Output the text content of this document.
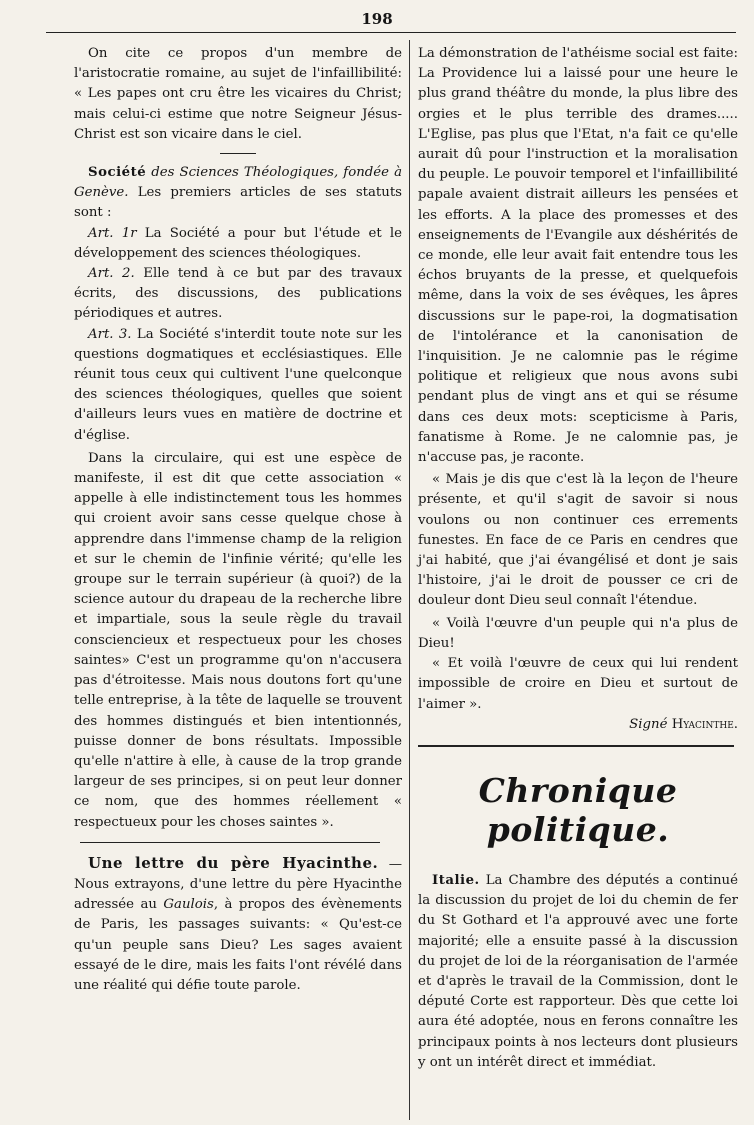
198

On cite ce propos d'un membre de l'aristocratie romaine, au sujet de l'infaillibilité: « Les papes ont cru être les vicaires du Christ; mais celui-ci estime que notre Seigneur Jésus-Christ est son vicaire dans le ciel.

Société des Sciences Théologiques, fondée à Genève. Les premiers articles de ses statuts sont :

Art. 1r La Société a pour but l'étude et le développement des sciences théologiques.

Art. 2. Elle tend à ce but par des travaux écrits, des discussions, des publications périodiques et autres.

Art. 3. La Société s'interdit toute note sur les questions dogmatiques et ecclésiastiques. Elle réunit tous ceux qui cultivent l'une quelconque des sciences théologiques, quelles que soient d'ailleurs leurs vues en matière de doctrine et d'église.

Dans la circulaire, qui est une espèce de manifeste, il est dit que cette association « appelle à elle indistinctement tous les hommes qui croient avoir sans cesse quelque chose à apprendre dans l'immense champ de la religion et sur le chemin de l'infinie vérité; qu'elle les groupe sur le terrain supérieur (à quoi?) de la science autour du drapeau de la recherche libre et impartiale, sous la seule règle du travail consciencieux et respectueux pour les choses saintes» C'est un programme qu'on n'accusera pas d'étroitesse. Mais nous doutons fort qu'une telle entreprise, à la tête de laquelle se trouvent des hommes distingués et bien intentionnés, puisse donner de bons résultats. Impossible qu'elle n'attire à elle, à cause de la trop grande largeur de ses principes, si on peut leur donner ce nom, que des hommes réellement « respectueux pour les choses saintes ».

Une lettre du père Hyacinthe. — Nous extrayons, d'une lettre du père Hyacinthe adressée au Gaulois, à propos des évènements de Paris, les passages suivants: « Qu'est-ce qu'un peuple sans Dieu? Les sages avaient essayé de le dire, mais les faits l'ont révélé dans une réalité qui défie toute parole.

La démonstration de l'athéisme social est faite: La Providence lui a laissé pour une heure le plus grand théâtre du monde, la plus libre des orgies et le plus terrible des drames..... L'Eglise, pas plus que l'Etat, n'a fait ce qu'elle aurait dû pour l'instruction et la moralisation du peuple. Le pouvoir temporel et l'infaillibilité papale avaient distrait ailleurs les pensées et les efforts. A la place des promesses et des enseignements de l'Evangile aux déshérités de ce monde, elle leur avait fait entendre tous les échos bruyants de la presse, et quelquefois même, dans la voix de ses évêques, les âpres discussions sur le pape-roi, la dogmatisation de l'intolérance et la canonisation de l'inquisition. Je ne calomnie pas le régime politique et religieux que nous avons subi pendant plus de vingt ans et qui se résume dans ces deux mots: scepticisme à Paris, fanatisme à Rome. Je ne calomnie pas, je n'accuse pas, je raconte.

« Mais je dis que c'est là la leçon de l'heure présente, et qu'il s'agit de savoir si nous voulons ou non continuer ces errements funestes. En face de ce Paris en cendres que j'ai habité, que j'ai évangélisé et dont je sais l'histoire, j'ai le droit de pousser ce cri de douleur dont Dieu seul connaît l'étendue.

« Voilà l'œuvre d'un peuple qui n'a plus de Dieu!

« Et voilà l'œuvre de ceux qui lui rendent impossible de croire en Dieu et surtout de l'aimer ».

Signé Hyacinthe.

Chronique politique.

Italie. La Chambre des députés a continué la discussion du projet de loi du chemin de fer du St Gothard et l'a approuvé avec une forte majorité; elle a ensuite passé à la discussion du projet de loi de la réorganisation de l'armée et d'après le travail de la Commission, dont le député Corte est rapporteur. Dès que cette loi aura été adoptée, nous en ferons connaître les principaux points à nos lecteurs dont plusieurs y ont un intérêt direct et immédiat.
